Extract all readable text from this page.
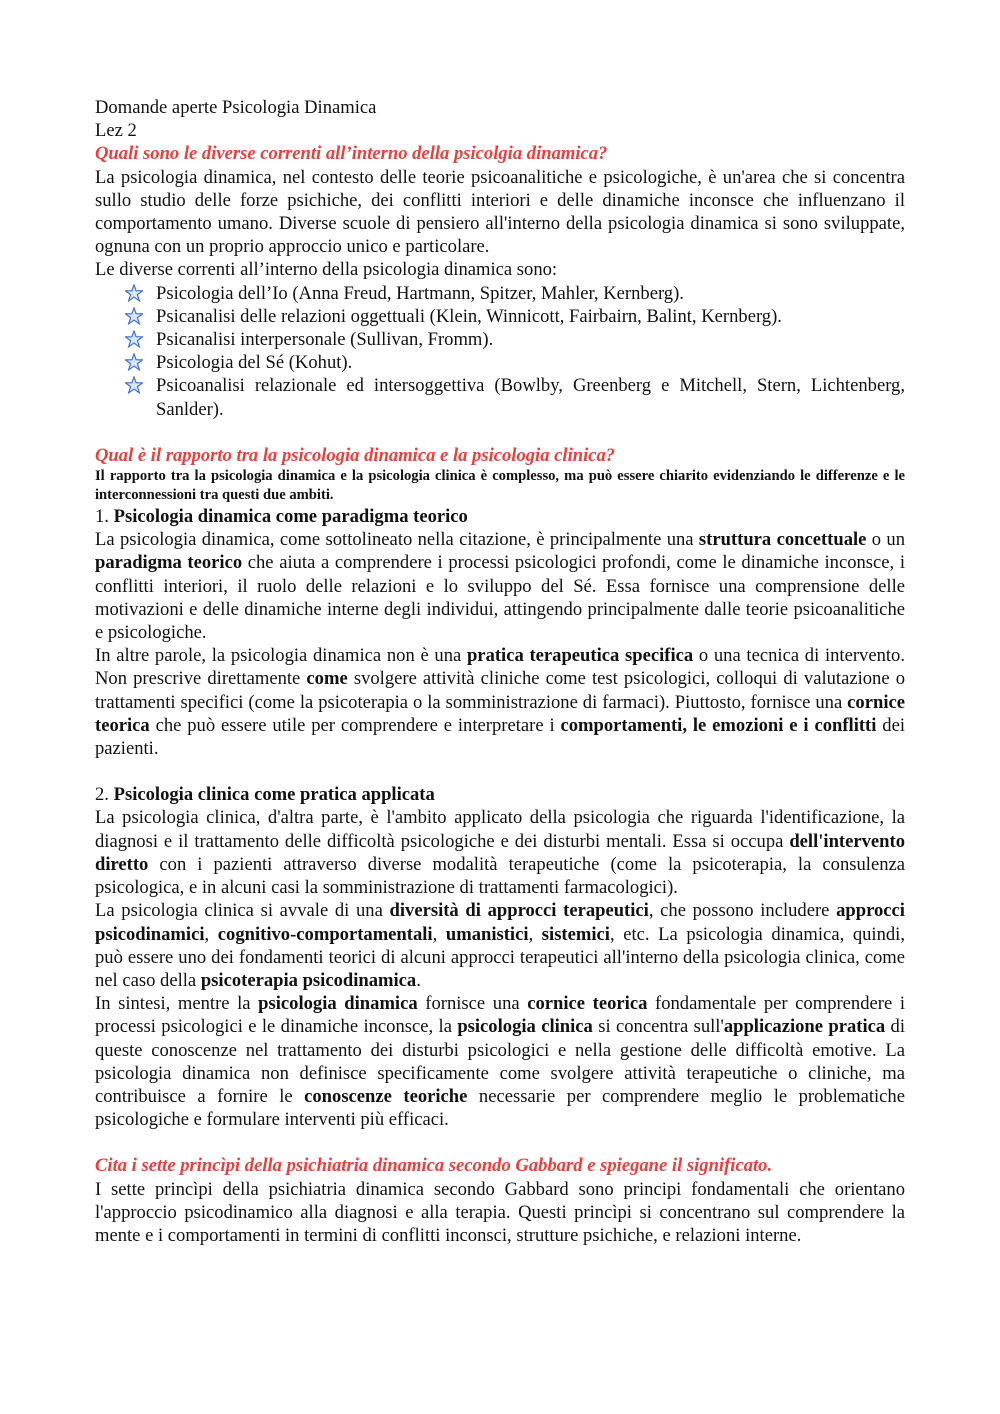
Domande aperte Psicologia Dinamica

Lez 2

Quali sono le diverse correnti all’interno della psicolgia dinamica?

La psicologia dinamica, nel contesto delle teorie psicoanalitiche e psicologiche, è un'area che si concentra sullo studio delle forze psichiche, dei conflitti interiori e delle dinamiche inconsce che influenzano il comportamento umano. Diverse scuole di pensiero all'interno della psicologia dinamica si sono sviluppate, ognuna con un proprio approccio unico e particolare.

Le diverse correnti all’interno della psicologia dinamica sono:

Psicologia dell’Io (Anna Freud, Hartmann, Spitzer, Mahler, Kernberg).
Psicanalisi delle relazioni oggettuali (Klein, Winnicott, Fairbairn, Balint, Kernberg).
Psicanalisi interpersonale (Sullivan, Fromm).
Psicologia del Sé (Kohut).
Psicoanalisi relazionale ed intersoggettiva (Bowlby, Greenberg e Mitchell, Stern, Lichtenberg, Sanlder).

Qual è il rapporto tra la psicologia dinamica e la psicologia clinica?

Il rapporto tra la psicologia dinamica e la psicologia clinica è complesso, ma può essere chiarito evidenziando le differenze e le interconnessioni tra questi due ambiti.

1. Psicologia dinamica come paradigma teorico

La psicologia dinamica, come sottolineato nella citazione, è principalmente una struttura concettuale o un paradigma teorico che aiuta a comprendere i processi psicologici profondi, come le dinamiche inconsce, i conflitti interiori, il ruolo delle relazioni e lo sviluppo del Sé. Essa fornisce una comprensione delle motivazioni e delle dinamiche interne degli individui, attingendo principalmente dalle teorie psicoanalitiche e psicologiche.

In altre parole, la psicologia dinamica non è una pratica terapeutica specifica o una tecnica di intervento. Non prescrive direttamente come svolgere attività cliniche come test psicologici, colloqui di valutazione o trattamenti specifici (come la psicoterapia o la somministrazione di farmaci). Piuttosto, fornisce una cornice teorica che può essere utile per comprendere e interpretare i comportamenti, le emozioni e i conflitti dei pazienti.

2. Psicologia clinica come pratica applicata

La psicologia clinica, d'altra parte, è l'ambito applicato della psicologia che riguarda l'identificazione, la diagnosi e il trattamento delle difficoltà psicologiche e dei disturbi mentali. Essa si occupa dell'intervento diretto con i pazienti attraverso diverse modalità terapeutiche (come la psicoterapia, la consulenza psicologica, e in alcuni casi la somministrazione di trattamenti farmacologici).

La psicologia clinica si avvale di una diversità di approcci terapeutici, che possono includere approcci psicodinamici, cognitivo-comportamentali, umanistici, sistemici, etc. La psicologia dinamica, quindi, può essere uno dei fondamenti teorici di alcuni approcci terapeutici all'interno della psicologia clinica, come nel caso della psicoterapia psicodinamica.

In sintesi, mentre la psicologia dinamica fornisce una cornice teorica fondamentale per comprendere i processi psicologici e le dinamiche inconsce, la psicologia clinica si concentra sull'applicazione pratica di queste conoscenze nel trattamento dei disturbi psicologici e nella gestione delle difficoltà emotive. La psicologia dinamica non definisce specificamente come svolgere attività terapeutiche o cliniche, ma contribuisce a fornire le conoscenze teoriche necessarie per comprendere meglio le problematiche psicologiche e formulare interventi più efficaci.

Cita i sette princìpi della psichiatria dinamica secondo Gabbard e spiegane il significato.

I sette princìpi della psichiatria dinamica secondo Gabbard sono principi fondamentali che orientano l'approccio psicodinamico alla diagnosi e alla terapia. Questi princìpi si concentrano sul comprendere la mente e i comportamenti in termini di conflitti inconsci, strutture psichiche, e relazioni interne.
